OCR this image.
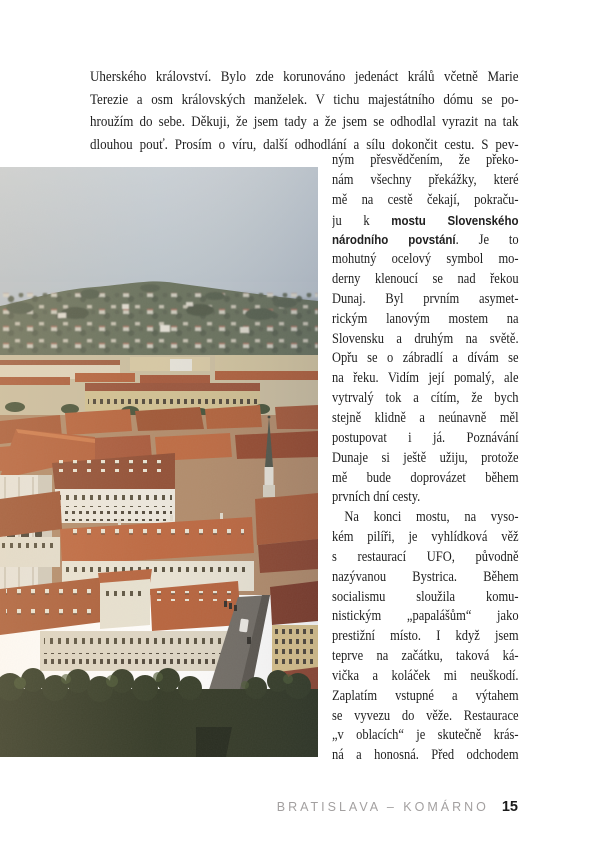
Uherského království. Bylo zde korunováno jedenáct králů včetně Marie
Terezie a osm královských manželek. V tichu majestátního dómu se po-
hroužím do sebe. Děkuji, že jsem tady a že jsem se odhodlal vyrazit na tak
dlouhou pouť. Prosím o víru, další odhodlání a sílu dokončit cestu. S pev-
ným přesvědčením, že překo-
nám všechny překážky, které
mě na cestě čekají, pokraču-
ju k mostu Slovenského
národního povstání. Je to
mohutný ocelový symbol mo-
derny klenoucí se nad řekou
Dunaj. Byl prvním asymet-
rickým lanovým mostem na
Slovensku a druhým na světě.
Opřu se o zábradlí a dívám se
na řeku. Vidím její pomalý, ale
vytrvalý tok a cítím, že bych
stejně klidně a neúnavně měl
postupovat i já. Poznávání
Dunaje si ještě užiju, protože
mě bude doprovázet během
prvních dní cesty.
Na konci mostu, na vyso-
kém pilíři, je vyhlídková věž
s restaurací UFO, původně
nazývanou Bystrica. Během
socialismu sloužila komu-
nistickým „papalášům“ jako
prestižní místo. I když jsem
teprve na začátku, taková ká-
vička a koláček mi neuškodí.
Zaplatím vstupné a výtahem
se vyvezu do věže. Restaurace
„v oblacích“ je skutečně krás-
ná a honosná. Před odchodem
BRATISLAVA – KOMÁRNO 15
